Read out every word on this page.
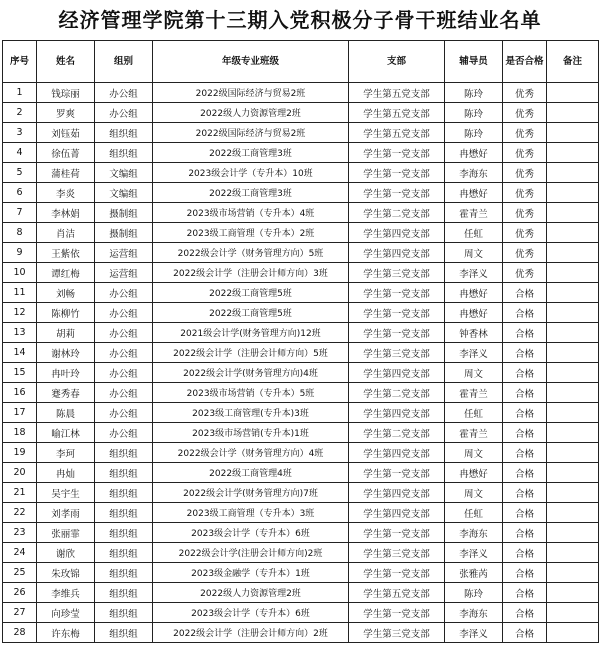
经济管理学院第十三期入党积极分子骨干班结业名单
序号	姓名	组别	年级专业班级	支部	辅导员	是否合格	备注
1	钱琮丽	办公组	2022级国际经济与贸易2班	学生第五党支部	陈玲	优秀	
2	罗爽	办公组	2022级人力资源管理2班	学生第五党支部	陈玲	优秀	
3	刘钰茹	组织组	2022级国际经济与贸易2班	学生第五党支部	陈玲	优秀	
4	徐伍菁	组织组	2022级工商管理3班	学生第一党支部	冉懋好	优秀	
5	蒲桂荷	文编组	2023级会计学（专升本）10班	学生第一党支部	李海东	优秀	
6	李炎	文编组	2022级工商管理3班	学生第一党支部	冉懋好	优秀	
7	李林娟	摄制组	2023级市场营销（专升本）4班	学生第二党支部	霍青兰	优秀	
8	肖洁	摄制组	2023级工商管理（专升本）2班	学生第四党支部	任虹	优秀	
9	王紫依	运营组	2022级会计学（财务管理方向）5班	学生第四党支部	周文	优秀	
10	谭红梅	运营组	2022级会计学（注册会计师方向）3班	学生第三党支部	李泽义	优秀	
11	刘畅	办公组	2022级工商管理5班	学生第一党支部	冉懋好	合格	
12	陈柳竹	办公组	2022级工商管理5班	学生第一党支部	冉懋好	合格	
13	胡莉	办公组	2021级会计学(财务管理方向)12班	学生第一党支部	钟香林	合格	
14	谢林玲	办公组	2022级会计学（注册会计师方向）5班	学生第三党支部	李泽义	合格	
15	冉叶玲	办公组	2022级会计学(财务管理方向)4班	学生第四党支部	周文	合格	
16	蹇秀春	办公组	2023级市场营销（专升本）5班	学生第二党支部	霍青兰	合格	
17	陈晨	办公组	2023级工商管理(专升本)3班	学生第四党支部	任虹	合格	
18	喻江林	办公组	2023级市场营销(专升本)1班	学生第二党支部	霍青兰	合格	
19	李珂	组织组	2022级会计学（财务管理方向）4班	学生第四党支部	周文	合格	
20	冉灿	组织组	2022级工商管理4班	学生第一党支部	冉懋好	合格	
21	吴宇生	组织组	2022级会计学(财务管理方向)7班	学生第四党支部	周文	合格	
22	刘孝雨	组织组	2023级工商管理（专升本）3班	学生第四党支部	任虹	合格	
23	张丽霏	组织组	2023级会计学（专升本）6班	学生第一党支部	李海东	合格	
24	谢欣	组织组	2022级会计学(注册会计师方向)2班	学生第三党支部	李泽义	合格	
25	朱玫锦	组织组	2023级金融学（专升本）1班	学生第一党支部	张雅芮	合格	
26	李维兵	组织组	2022级人力资源管理2班	学生第五党支部	陈玲	合格	
27	向珍莹	组织组	2023级会计学（专升本）6班	学生第一党支部	李海东	合格	
28	许东梅	组织组	2022级会计学（注册会计师方向）2班	学生第三党支部	李泽义	合格	
